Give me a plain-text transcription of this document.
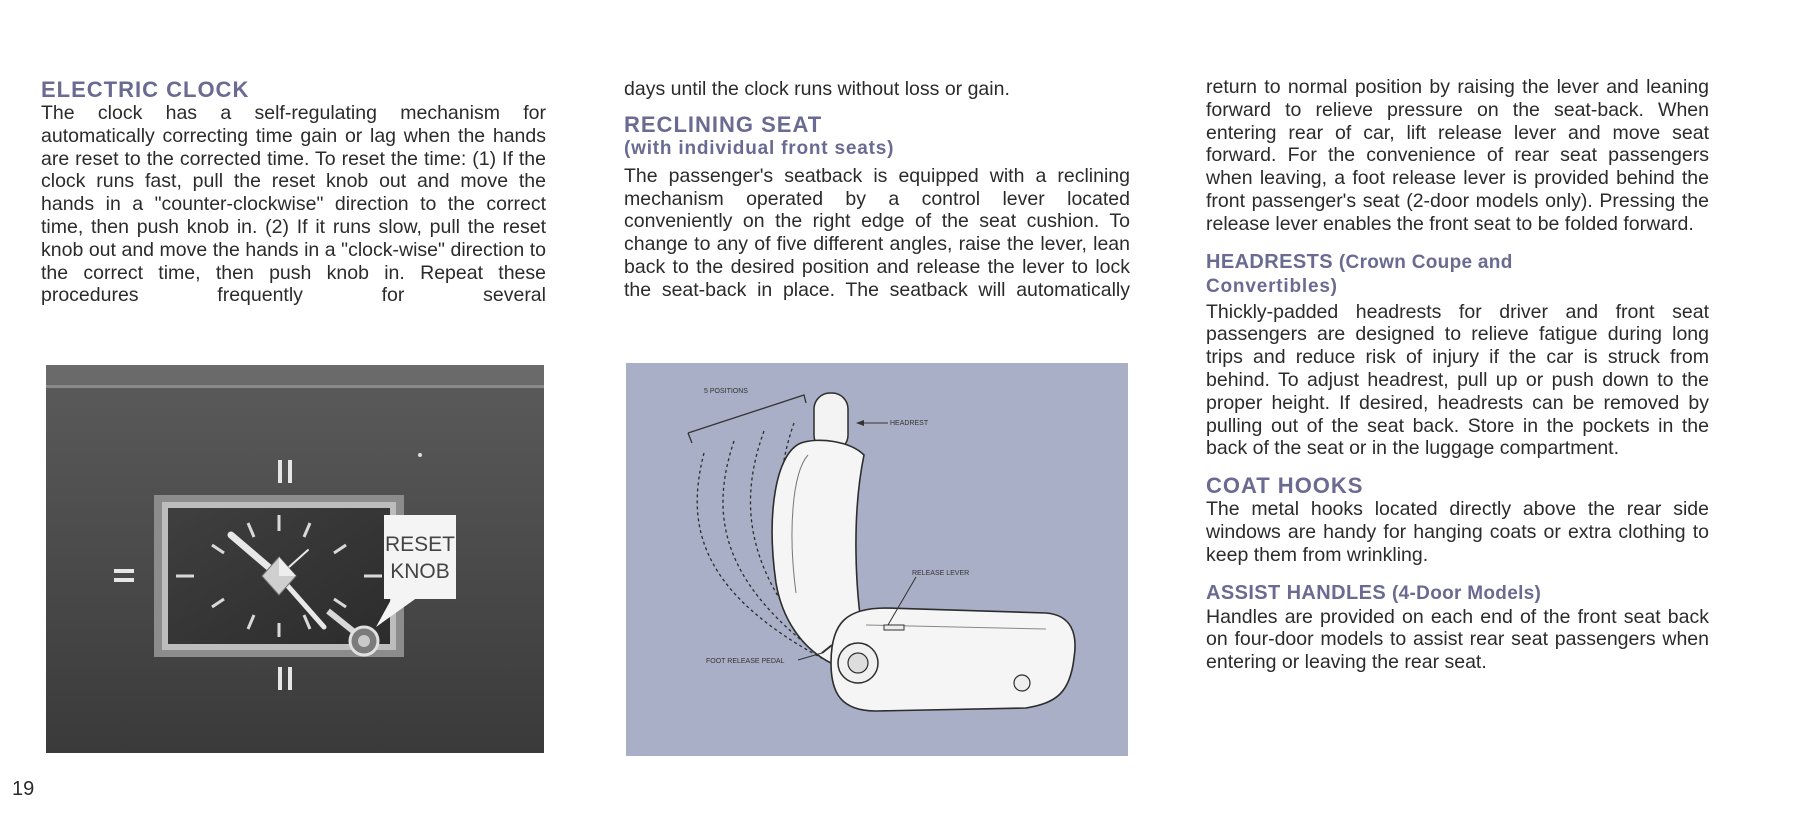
ELECTRIC CLOCK

The clock has a self-regulating mechanism for automatically correcting time gain or lag when the hands are reset to the corrected time. To reset the time: (1) If the clock runs fast, pull the reset knob out and move the hands in a "counter-clockwise" direction to the correct time, then push knob in. (2) If it runs slow, pull the reset knob out and move the hands in a "clock-wise" direction to the correct time, then push knob in. Repeat these procedures frequently for several

RESET
KNOB

days until the clock runs without loss or gain.

RECLINING SEAT
(with individual front seats)

The passenger's seatback is equipped with a reclining mechanism operated by a control lever located conveniently on the right edge of the seat cushion. To change to any of five different angles, raise the lever, lean back to the desired position and release the lever to lock the seat-back in place. The seatback will automatically

5 POSITIONS
HEADREST
RELEASE LEVER
FOOT RELEASE PEDAL

return to normal position by raising the lever and leaning forward to relieve pressure on the seat-back. When entering rear of car, lift release lever and move seat forward. For the convenience of rear seat passengers when leaving, a foot release lever is provided behind the front passenger's seat (2-door models only). Pressing the release lever enables the front seat to be folded forward.

HEADRESTS (Crown Coupe and
Convertibles)

Thickly-padded headrests for driver and front seat passengers are designed to relieve fatigue during long trips and reduce risk of injury if the car is struck from behind. To adjust headrest, pull up or push down to the proper height. If desired, headrests can be removed by pulling out of the seat back. Store in the pockets in the back of the seat or in the luggage compartment.

COAT HOOKS

The metal hooks located directly above the rear side windows are handy for hanging coats or extra clothing to keep them from wrinkling.

ASSIST HANDLES (4-Door Models)

Handles are provided on each end of the front seat back on four-door models to assist rear seat passengers when entering or leaving the rear seat.

19
